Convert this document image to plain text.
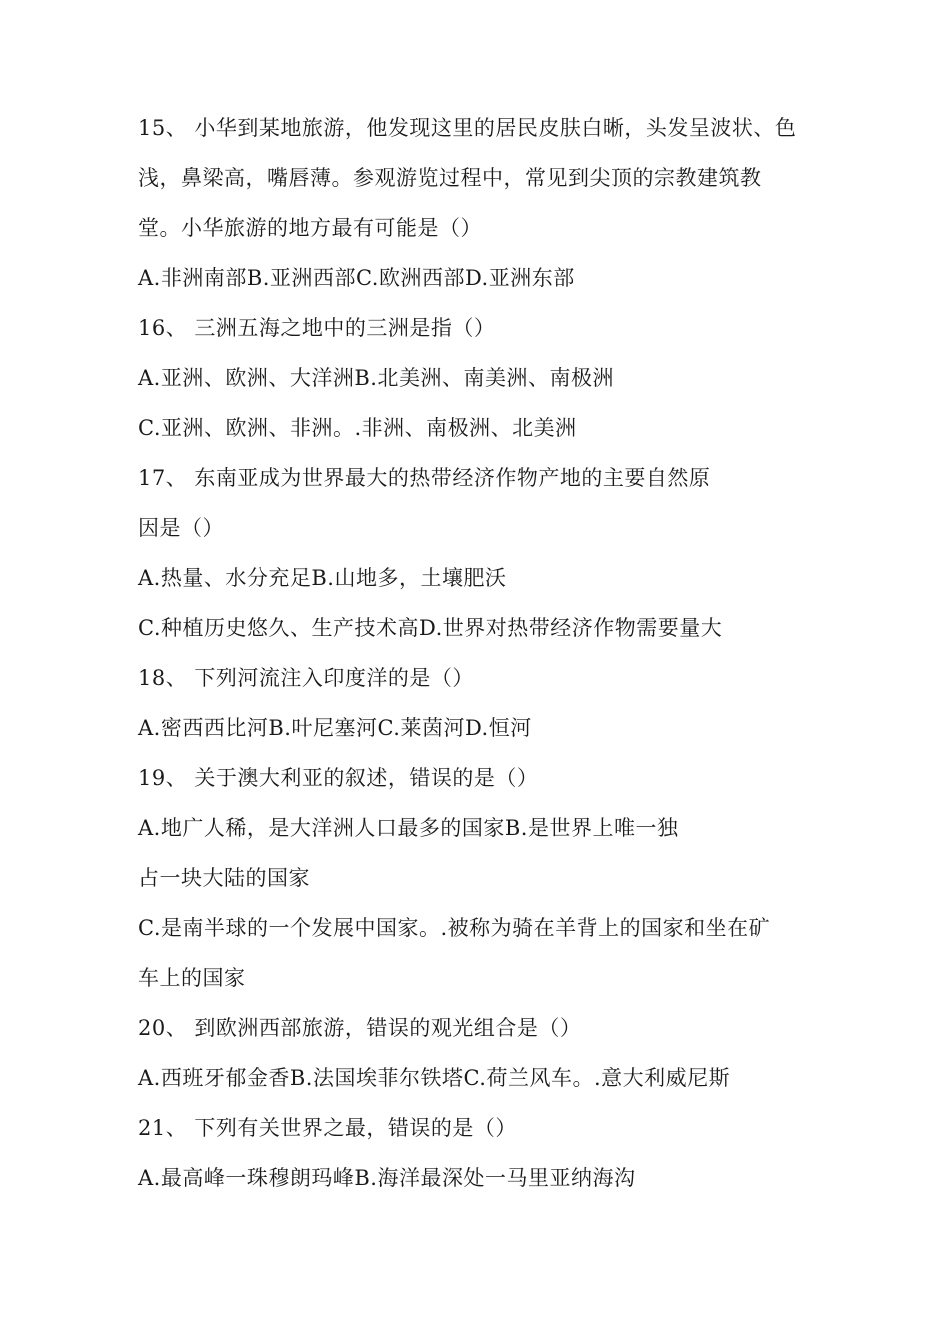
15、 小华到某地旅游，他发现这里的居民皮肤白晰，头发呈波状、色
浅，鼻梁高，嘴唇薄。参观游览过程中，常见到尖顶的宗教建筑教
堂。小华旅游的地方最有可能是（）
A.非洲南部B.亚洲西部C.欧洲西部D.亚洲东部
16、 三洲五海之地中的三洲是指（）
A.亚洲、欧洲、大洋洲B.北美洲、南美洲、南极洲
C.亚洲、欧洲、非洲。.非洲、南极洲、北美洲
17、 东南亚成为世界最大的热带经济作物产地的主要自然原
因是（）
A.热量、水分充足B.山地多，土壤肥沃
C.种植历史悠久、生产技术高D.世界对热带经济作物需要量大
18、 下列河流注入印度洋的是（）
A.密西西比河B.叶尼塞河C.莱茵河D.恒河
19、 关于澳大利亚的叙述，错误的是（）
A.地广人稀，是大洋洲人口最多的国家B.是世界上唯一独
占一块大陆的国家
C.是南半球的一个发展中国家。.被称为骑在羊背上的国家和坐在矿
车上的国家
20、 到欧洲西部旅游，错误的观光组合是（）
A.西班牙郁金香B.法国埃菲尔铁塔C.荷兰风车。.意大利威尼斯
21、 下列有关世界之最，错误的是（）
A.最高峰一珠穆朗玛峰B.海洋最深处一马里亚纳海沟
